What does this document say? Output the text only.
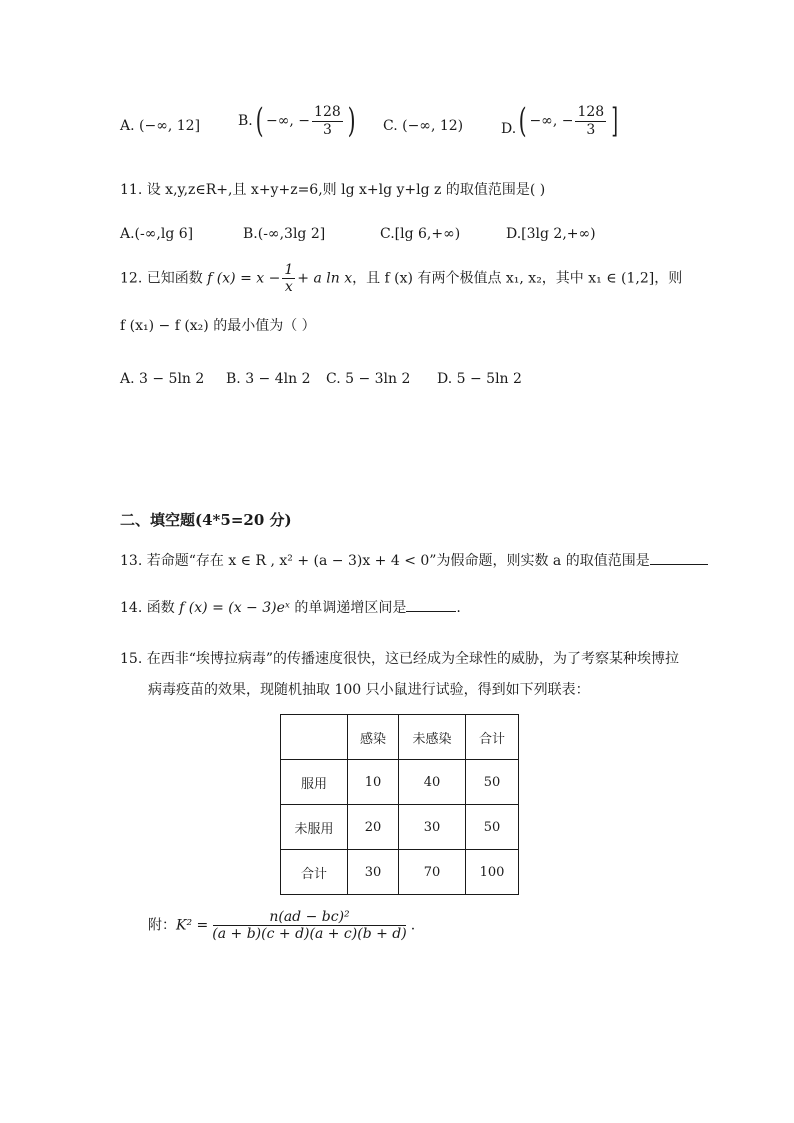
A. (−∞, 12]	B.( −∞, − $\frac{128}{3}$ ) C. (−∞, 12)	D.( −∞, − $\frac{128}{3}$ ]
11. 设 x,y,z∈R+,且 x+y+z=6,则 lg x+lg y+lg z 的取值范围是( )
A.(-∞,lg 6]	B.(-∞,3lg 2]	C.[lg 6,+∞)	D.[3lg 2,+∞)
12. 已知函数 f $(x) = x - \frac{1}{x} + a$ ln x，且 f (x) 有两个极值点 x₁, x₂，其中 x₁ ∈ (1,2]，则
f (x₁) − f (x₂) 的最小值为（ ）
A. 3 − 5ln 2 B. 3 − 4ln 2 C. 5 − 3ln 2 D. 5 − 5ln 2
二、填空题(4*5=20 分)
13. 若命题“存在 x ∈ R , x² + (a − 3)x + 4 < 0”为假命题，则实数 a 的取值范围是
14. 函数 f (x) = (x − 3)eˣ 的单调递增区间是	.
15. 在西非“埃博拉病毒”的传播速度很快，这已经成为全球性的威胁，为了考察某种埃博拉
病毒疫苗的效果，现随机抽取 100 只小鼠进行试验，得到如下列联表：
	感染	未感染	合计
服用	10	40	50
未服用	20	30	50
合计	30	70	100
附：$K^2 = \frac{\text{n(ad − bc)²}}{(a + b)(c + d)(a + c)(b + d)}$ .
